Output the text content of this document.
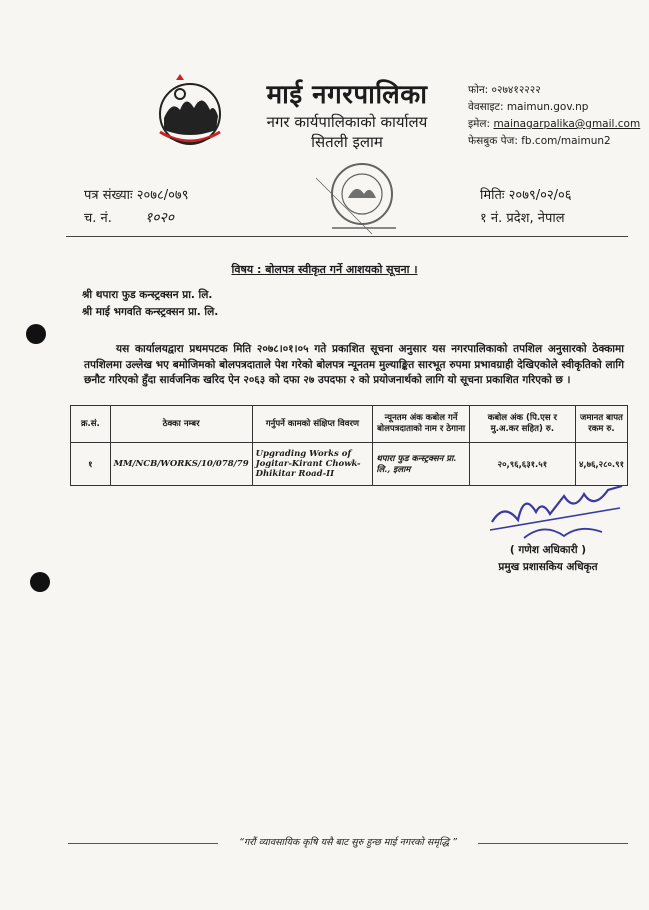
माई नगरपालिका
नगर कार्यपालिकाको कार्यालय
सितली इलाम
फोन: ०२७४१२२२२
वेवसाइट: maimun.gov.np
इमेल: mainagarpalika@gmail.com
फेसबुक पेज: fb.com/maimun2
पत्र संख्याः २०७८/०७९
च. नं. १०२०
मितिः २०७९/०२/०६
१ नं. प्रदेश, नेपाल
विषय : बोलपत्र स्वीकृत गर्ने आशयको सूचना ।
श्री थपारा फुड कन्स्ट्रक्सन प्रा. लि.
श्री माई भगवति कन्स्ट्रक्सन प्रा. लि.
यस कार्यालयद्वारा प्रथमपटक मिति २०७८।०१।०५ गते प्रकाशित सूचना अनुसार यस नगरपालिकाको तपशिल अनुसारको ठेक्कामा तपशिलमा उल्लेख भए बमोजिमको बोलपत्रदाताले पेश गरेको बोलपत्र न्यूनतम मुल्याङ्कित सारभूत रुपमा प्रभावग्राही देखिएकोले स्वीकृतिको लागि छनौट गरिएको हुँदा सार्वजनिक खरिद ऐन २०६३ को दफा २७ उपदफा २ को प्रयोजनार्थको लागि यो सूचना प्रकाशित गरिएको छ ।
क्र.सं.	ठेक्का नम्बर	गर्नुपर्ने कामको संक्षिप्त विवरण	न्यूनतम अंक कबोल गर्ने बोलपत्रदाताको नाम र ठेगाना	कबोल अंक (पि.एस र मु.अ.कर सहित) रु.	जमानत बापत रकम रु.
१	MM/NCB/WORKS/10/078/79	Upgrading Works of Jogitar-Kirant Chowk-Dhikitar Road-II	थपारा फुड कन्स्ट्रक्सन प्रा. लि., इलाम	२०,९६,६३१.५१	४,७६,२८०.९१
( गणेश अधिकारी )
प्रमुख प्रशासकिय अधिकृत
“गरौं व्यावसायिक कृषि यसै बाट सुरु हुन्छ माई नगरको समृद्धि ”
